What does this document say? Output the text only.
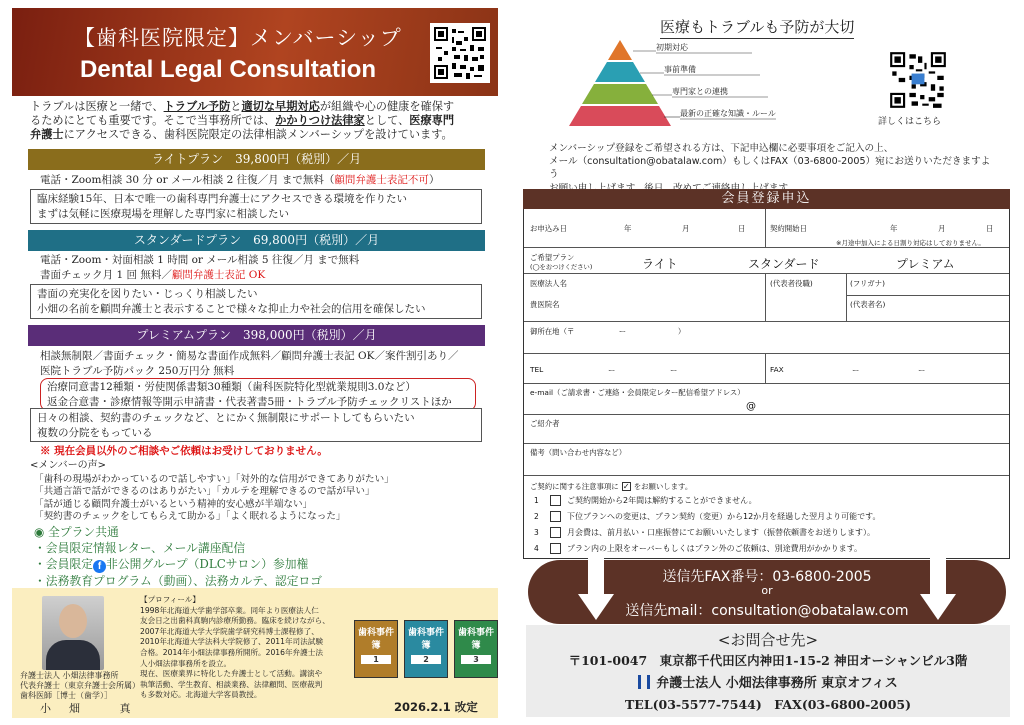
【歯科医院限定】メンバーシップ
Dental Legal Consultation
トラブルは医療と一緒で、トラブル予防と適切な早期対応が組織や心の健康を確保す
るためにとても重要です。そこで当事務所では、かかりつけ法律家として、医療専門
弁護士にアクセスできる、歯科医院限定の法律相談メンバーシップを設けています。
ライトプラン　39,800円（税別）／月
電話・Zoom相談 30 分 or メール相談 2 往復／月 まで無料（顧問弁護士表記不可）
臨床経験15年、日本で唯一の歯科専門弁護士にアクセスできる環境を作りたい
まずは気軽に医療現場を理解した専門家に相談したい
スタンダードプラン　69,800円（税別）／月
電話・Zoom・対面相談 1 時間 or メール相談 5 往復／月 まで無料
書面チェック月 1 回 無料／顧問弁護士表記 OK
書面の充実化を図りたい・じっくり相談したい
小畑の名前を顧問弁護士と表示することで様々な抑止力や社会的信用を確保したい
プレミアムプラン　398,000円（税別）／月
相談無制限／書面チェック・簡易な書面作成無料／顧問弁護士表記 OK／案件割引あり／
医院トラブル予防パック 250万円分 無料
治療同意書12種類・労使関係書類30種類（歯科医院特化型就業規則3.0など）
返金合意書・診療情報等開示申請書・代表著書5冊・トラブル予防チェックリストほか
日々の相談、契約書のチェックなど、とにかく無制限にサポートしてもらいたい
複数の分院をもっている
※ 現在会員以外のご相談やご依頼はお受けしておりません。
<メンバーの声>
「歯科の現場がわかっているので話しやすい」「対外的な信用ができてありがたい」
「共通言語で話ができるのはありがたい」「カルテを理解できるので話が早い」
「話が通じる顧問弁護士がいるという精神的安心感が半端ない」
「契約書のチェックをしてもらえて助かる」「よく眠れるようになった」
◉ 全プラン共通
・会員限定情報レター、メール講座配信
・会員限定 f 非公開グループ（DLCサロン）参加権
・法務教育プログラム（動画）、法務カルテ、認定ロゴ
【プロフィール】
1998年北海道大学歯学部卒業。同年より医療法人仁
友会日之出歯科真駒内診療所勤務。臨床を続けながら、
2007年北海道大学大学院歯学研究科博士課程修了、
2010年北海道大学法科大学院修了、2011年司法試験
合格。2014年小畑法律事務所開所。2016年弁護士法
人小畑法律事務所を設立。
現在、医療業界に特化した弁護士として活動。講演や
執筆活動、学生教育、相談業務、法律顧問、医療裁判
も多数対応。北海道大学客員教授。
弁護士法人 小畑法律事務所
代表弁護士（東京弁護士会所属）
歯科医師［博士（歯学）］
小畑 真
歯科事件簿
1
歯科事件簿
2
歯科事件簿
3
2026.2.1 改定
医療もトラブルも予防が大切
初期対応
事前準備
専門家との連携
最新の正確な知識・ルール
詳しくはこちら
メンバーシップ登録をご希望される方は、下記申込欄に必要事項をご記入の上、
メール（consultation@obatalaw.com）もしくはFAX（03-6800-2005）宛にお送りいただきますよう
会員登録申込
お申込み日	年	月	日	契約開始日	年	月	日
※月途中加入による日割り対応はしておりません。
ご希望プラン
(◯をおつけください)	ライト	スタンダード	プレミアム
医療法人名
貴医院名
(代表者役職)	(フリガナ)
(代表者名)
御所在地（〒　　　　　　ー　　　　　　　）
TEL	ー	ー	FAX	ー	ー
e-mail（ご請求書・ご連絡・会員限定レター配信希望アドレス）
@
ご紹介者
備考（問い合わせ内容など）
ご契約に関する注意事項に ✓ をお願いします。
1	ご契約開始から2年間は解約することができません。
2	下位プランへの変更は、プラン契約（変更）から12か月を経過した翌月より可能です。
3	月会費は、前月払い・口座振替にてお願いいたします（振替依頼書をお送りします）。
4	プラン内の上限をオーバーもしくはプラン外のご依頼は、別途費用がかかります。
送信先FAX番号：03-6800-2005
or
送信先mail：consultation@obatalaw.com
<お問合せ先>
〒101-0047　東京都千代田区内神田1-15-2 神田オーシャンビル3階
弁護士法人 小畑法律事務所 東京オフィス
TEL(03-5577-7544)　FAX(03-6800-2005)
